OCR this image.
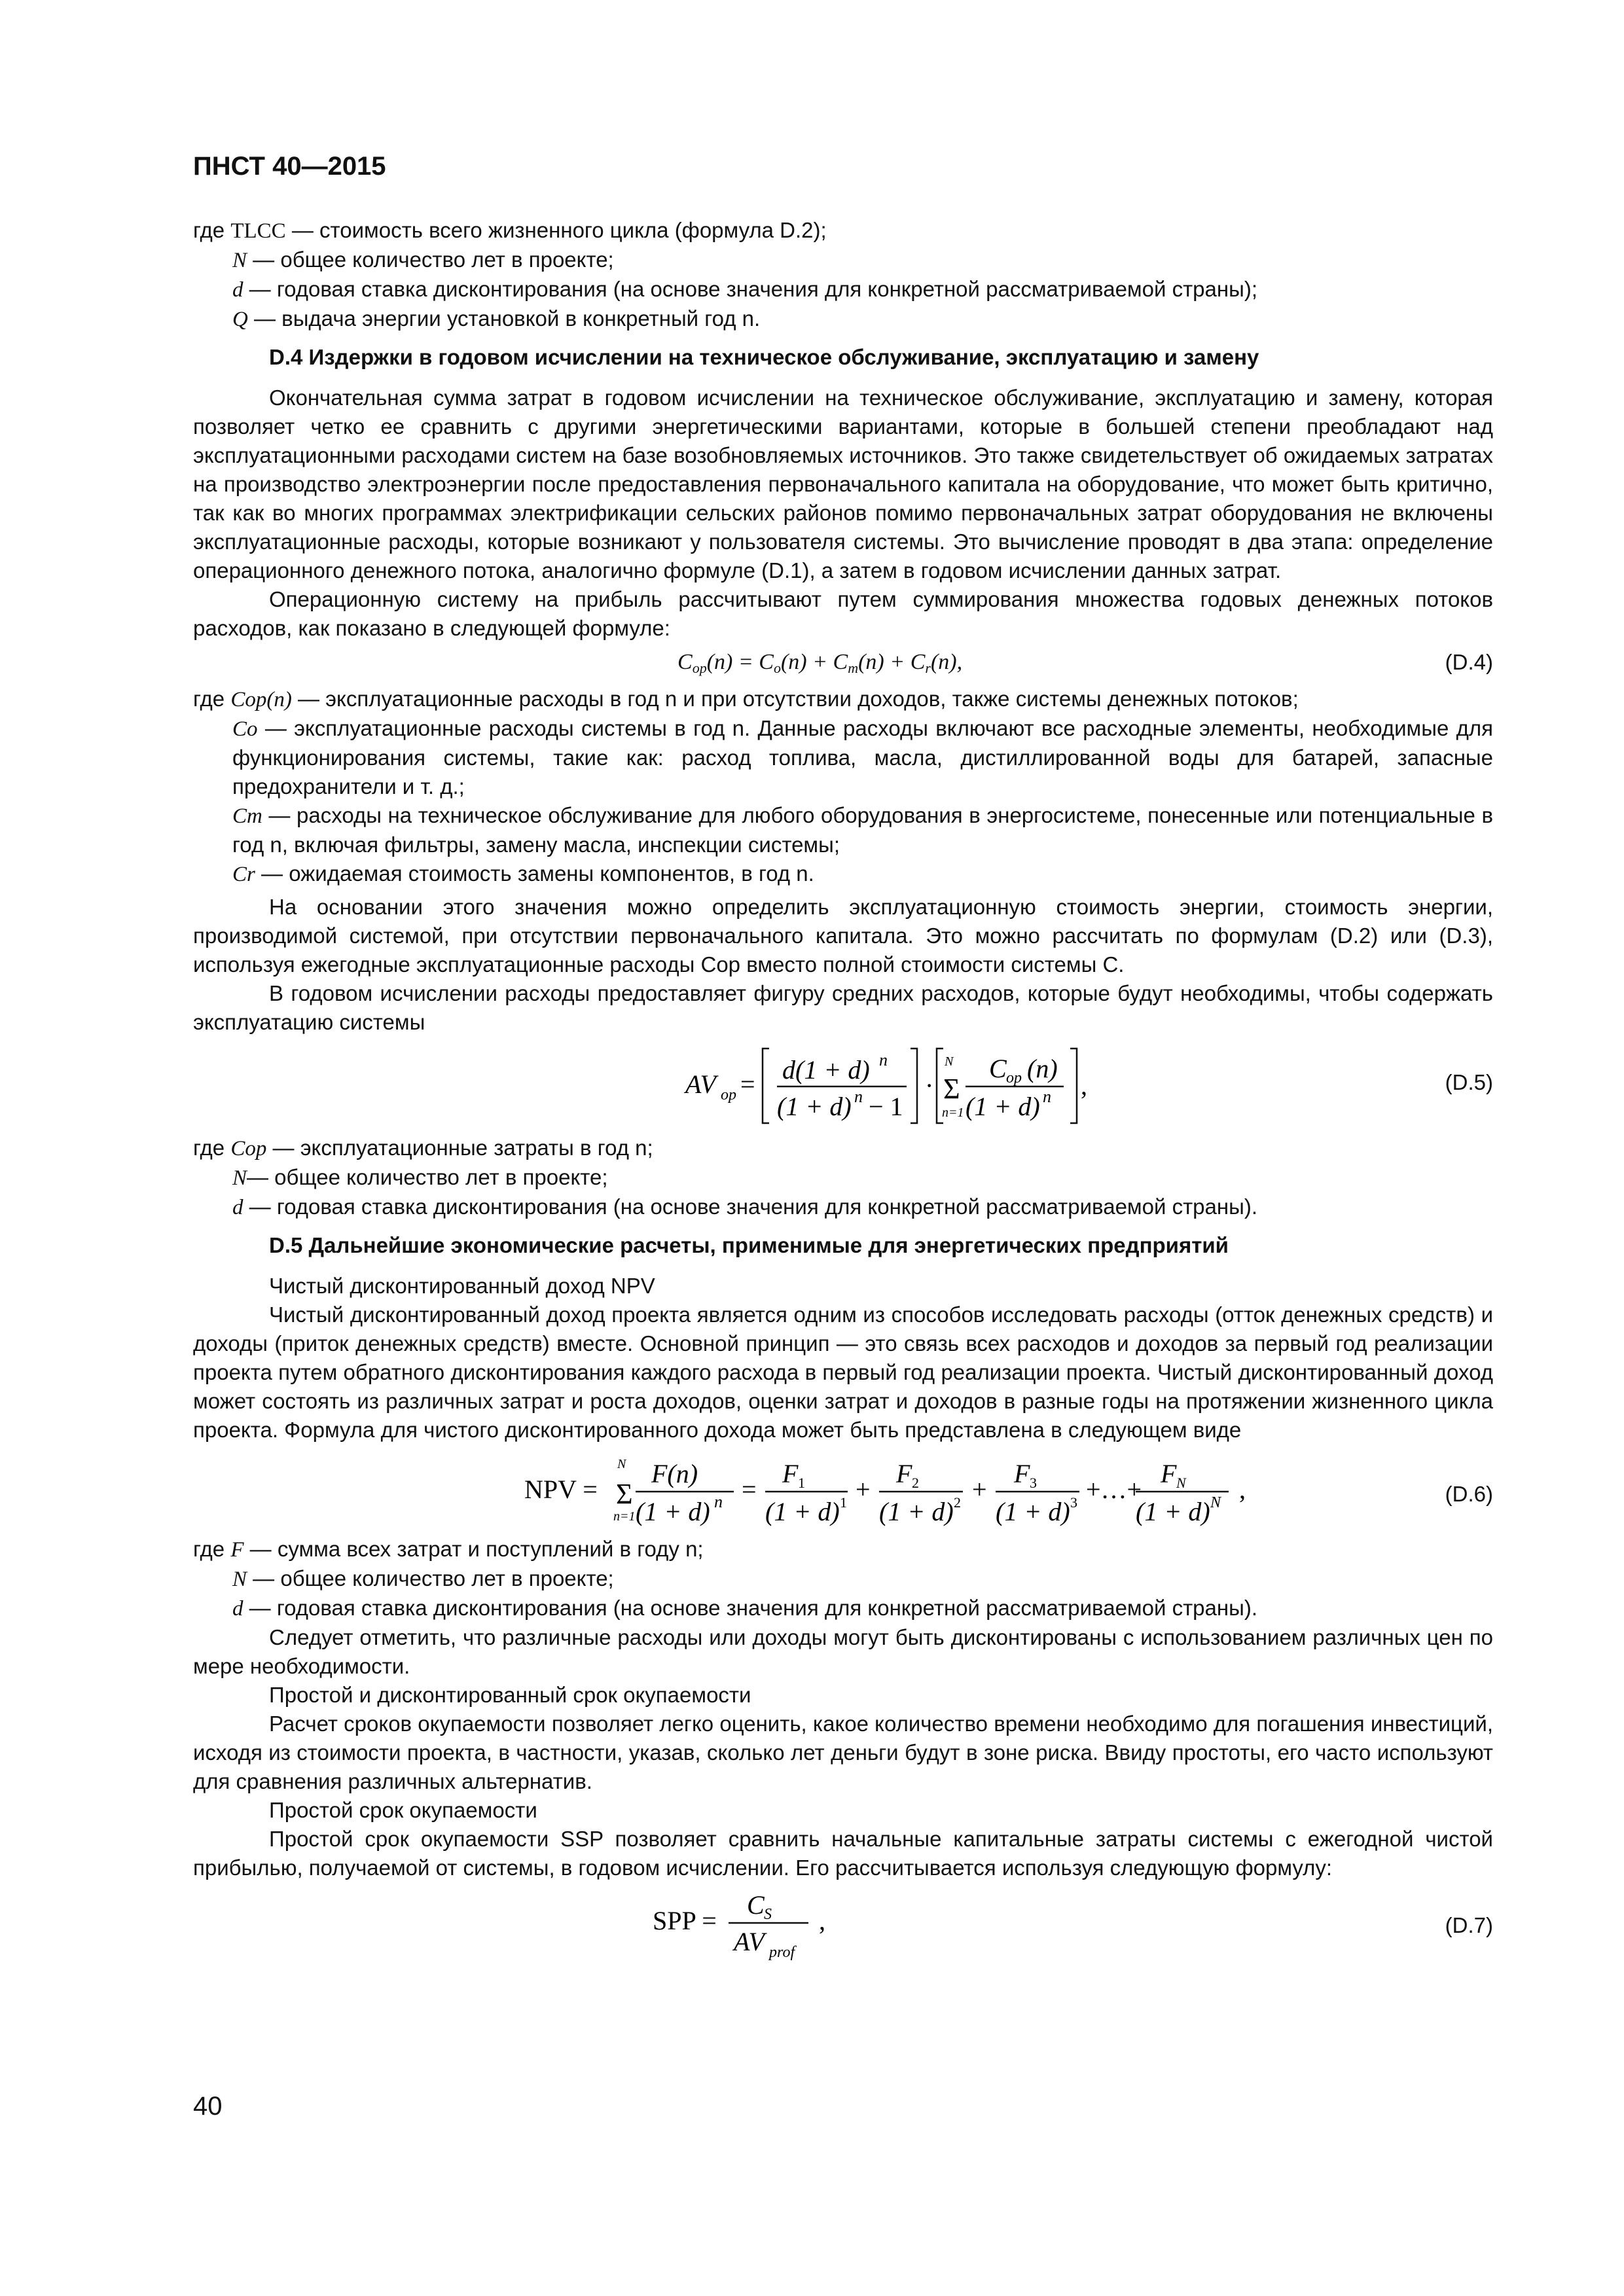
ПНСТ 40—2015
где TLCC — стоимость всего жизненного цикла (формула D.2);
N — общее количество лет в проекте;
d — годовая ставка дисконтирования (на основе значения для конкретной рассматриваемой страны);
Q — выдача энергии установкой в конкретный год n.
D.4 Издержки в годовом исчислении на техническое обслуживание, эксплуатацию и замену

Окончательная сумма затрат в годовом исчислении на техническое обслуживание, эксплуатацию и замену, которая позволяет четко ее сравнить с другими энергетическими вариантами, которые в большей степени преобладают над эксплуатационными расходами систем на базе возобновляемых источников. Это также свидетельствует об ожидаемых затратах на производство электроэнергии после предоставления первоначального капитала на оборудование, что может быть критично, так как во многих программах электрификации сельских районов помимо первоначальных затрат оборудования не включены эксплуатационные расходы, которые возникают у пользователя системы. Это вычисление проводят в два этапа: определение операционного денежного потока, аналогично формуле (D.1), а затем в годовом исчислении данных затрат.

Операционную систему на прибыль рассчитывают путем суммирования множества годовых денежных потоков расходов, как показано в следующей формуле:

$C_{op}(n) = C_o(n) + C_m(n) + C_r(n)$,	(D.4)
где Cop(n) — эксплуатационные расходы в год n и при отсутствии доходов, также системы денежных потоков;
Co — эксплуатационные расходы системы в год n. Данные расходы включают все расходные элементы, необходимые для функционирования системы, такие как: расход топлива, масла, дистиллированной воды для батарей, запасные предохранители и т. д.;
Cm — расходы на техническое обслуживание для любого оборудования в энергосистеме, понесенные или потенциальные в год n, включая фильтры, замену масла, инспекции системы;
Cr — ожидаемая стоимость замены компонентов, в год n.

На основании этого значения можно определить эксплуатационную стоимость энергии, стоимость энергии, производимой системой, при отсутствии первоначального капитала. Это можно рассчитать по формулам (D.2) или (D.3), используя ежегодные эксплуатационные расходы Cop вместо полной стоимости системы C.

В годовом исчислении расходы предоставляет фигуру средних расходов, которые будут необходимы, чтобы содержать эксплуатацию системы

AV op = d(1 + d) n
(1 + d) n − 1
·
N
Σ
n=1
C op (n)
(1 + d) n ,	(D.5)
где Cop — эксплуатационные затраты в год n;
N— общее количество лет в проекте;
d — годовая ставка дисконтирования (на основе значения для конкретной рассматриваемой страны).
D.5 Дальнейшие экономические расчеты, применимые для энергетических предприятий

Чистый дисконтированный доход NPV

Чистый дисконтированный доход проекта является одним из способов исследовать расходы (отток денежных средств) и доходы (приток денежных средств) вместе. Основной принцип — это связь всех расходов и доходов за первый год реализации проекта путем обратного дисконтирования каждого расхода в первый год реализации проекта. Чистый дисконтированный доход может состоять из различных затрат и роста доходов, оценки затрат и доходов в разные годы на протяжении жизненного цикла проекта. Формула для чистого дисконтированного дохода может быть представлена в следующем виде

NPV =
N
Σ
n=1
F(n)
(1 + d) n =
F 1
(1 + d) 1 +
F 2
(1 + d) 2 +
F 3
(1 + d) 3 +…+
F N
(1 + d) N ,	(D.6)
где F — сумма всех затрат и поступлений в году n;
N — общее количество лет в проекте;
d — годовая ставка дисконтирования (на основе значения для конкретной рассматриваемой страны).

Следует отметить, что различные расходы или доходы могут быть дисконтированы с использованием различных цен по мере необходимости.

Простой и дисконтированный срок окупаемости

Расчет сроков окупаемости позволяет легко оценить, какое количество времени необходимо для погашения инвестиций, исходя из стоимости проекта, в частности, указав, сколько лет деньги будут в зоне риска. Ввиду простоты, его часто используют для сравнения различных альтернатив.

Простой срок окупаемости

Простой срок окупаемости SSP позволяет сравнить начальные капитальные затраты системы с ежегодной чистой прибылью, получаемой от системы, в годовом исчислении. Его рассчитывается используя следующую формулу:

SPP =
C S
AV prof
,	(D.7)
40
